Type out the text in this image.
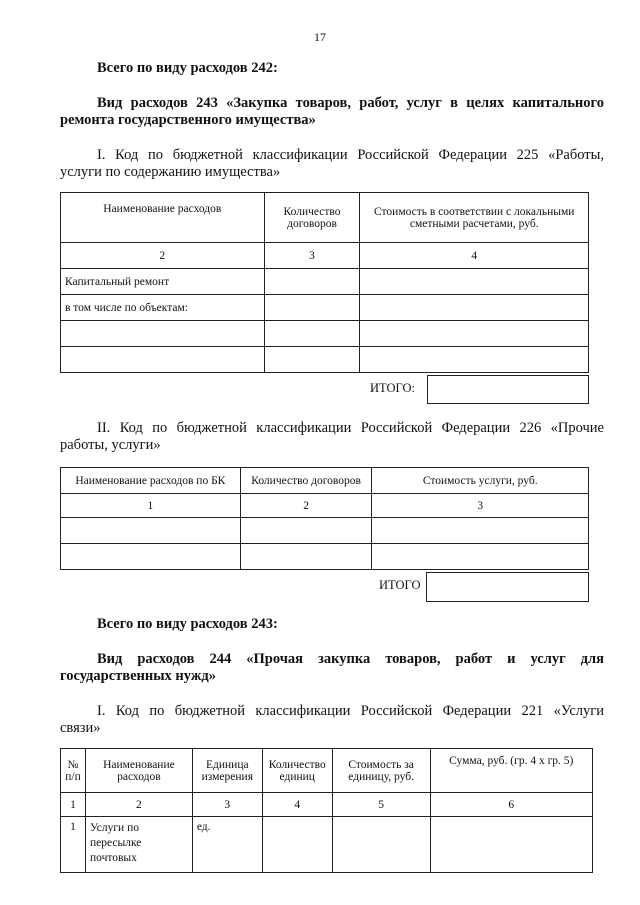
17
Всего по виду расходов 242:
Вид расходов 243 «Закупка товаров, работ, услуг в целях капитального
ремонта государственного имущества»
I. Код по бюджетной классификации Российской Федерации 225 «Работы,
услуги по содержанию имущества»
Наименование расходов	Количество договоров	Стоимость в соответствии с локальными сметными расчетами, руб.
2	3	4
Капитальный ремонт		
в том числе по объектам:		

ИТОГО:
II. Код по бюджетной классификации Российской Федерации 226 «Прочие
работы, услуги»
Наименование расходов по БК	Количество договоров	Стоимость услуги, руб.
1	2	3

ИТОГО
Всего по виду расходов 243:
Вид расходов 244 «Прочая закупка товаров, работ и услуг для
государственных нужд»
I. Код по бюджетной классификации Российской Федерации 221 «Услуги
связи»
№ п/п	Наименование расходов	Единица измерения	Количество единиц	Стоимость за единицу, руб.	Сумма, руб. (гр. 4 х гр. 5)
1	2	3	4	5	6
1	Услуги по пересылке почтовых	ед.			
